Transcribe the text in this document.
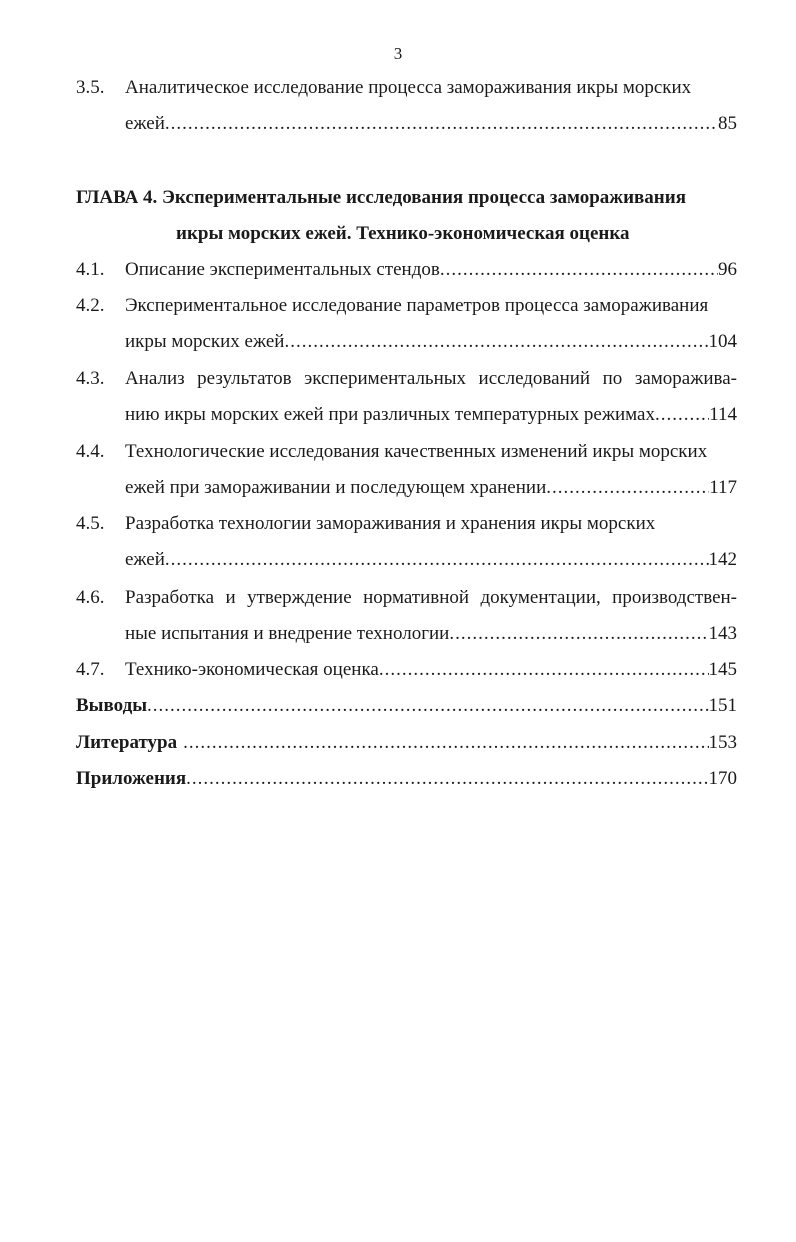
3
3.5. Аналитическое исследование процесса замораживания икры морских
ежей .....	85
ГЛАВА 4. Экспериментальные исследования процесса замораживания
икры морских ежей. Технико-экономическая оценка
4.1. Описание экспериментальных стендов .....	96
4.2. Экспериментальное исследование параметров процесса замораживания
икры морских ежей .....	104
4.3. Анализ результатов экспериментальных исследований по заморажива-
нию икры морских ежей при различных температурных режимах .....	114
4.4. Технологические исследования качественных изменений икры морских
ежей при замораживании и последующем хранении .....	117
4.5. Разработка технологии замораживания и хранения икры морских
ежей .....	142
4.6. Разработка и утверждение нормативной документации, производствен-
ные испытания и внедрение технологии .....	143
4.7. Технико-экономическая оценка .....	145
Выводы .....	151
Литература .....	153
Приложения .....	170
